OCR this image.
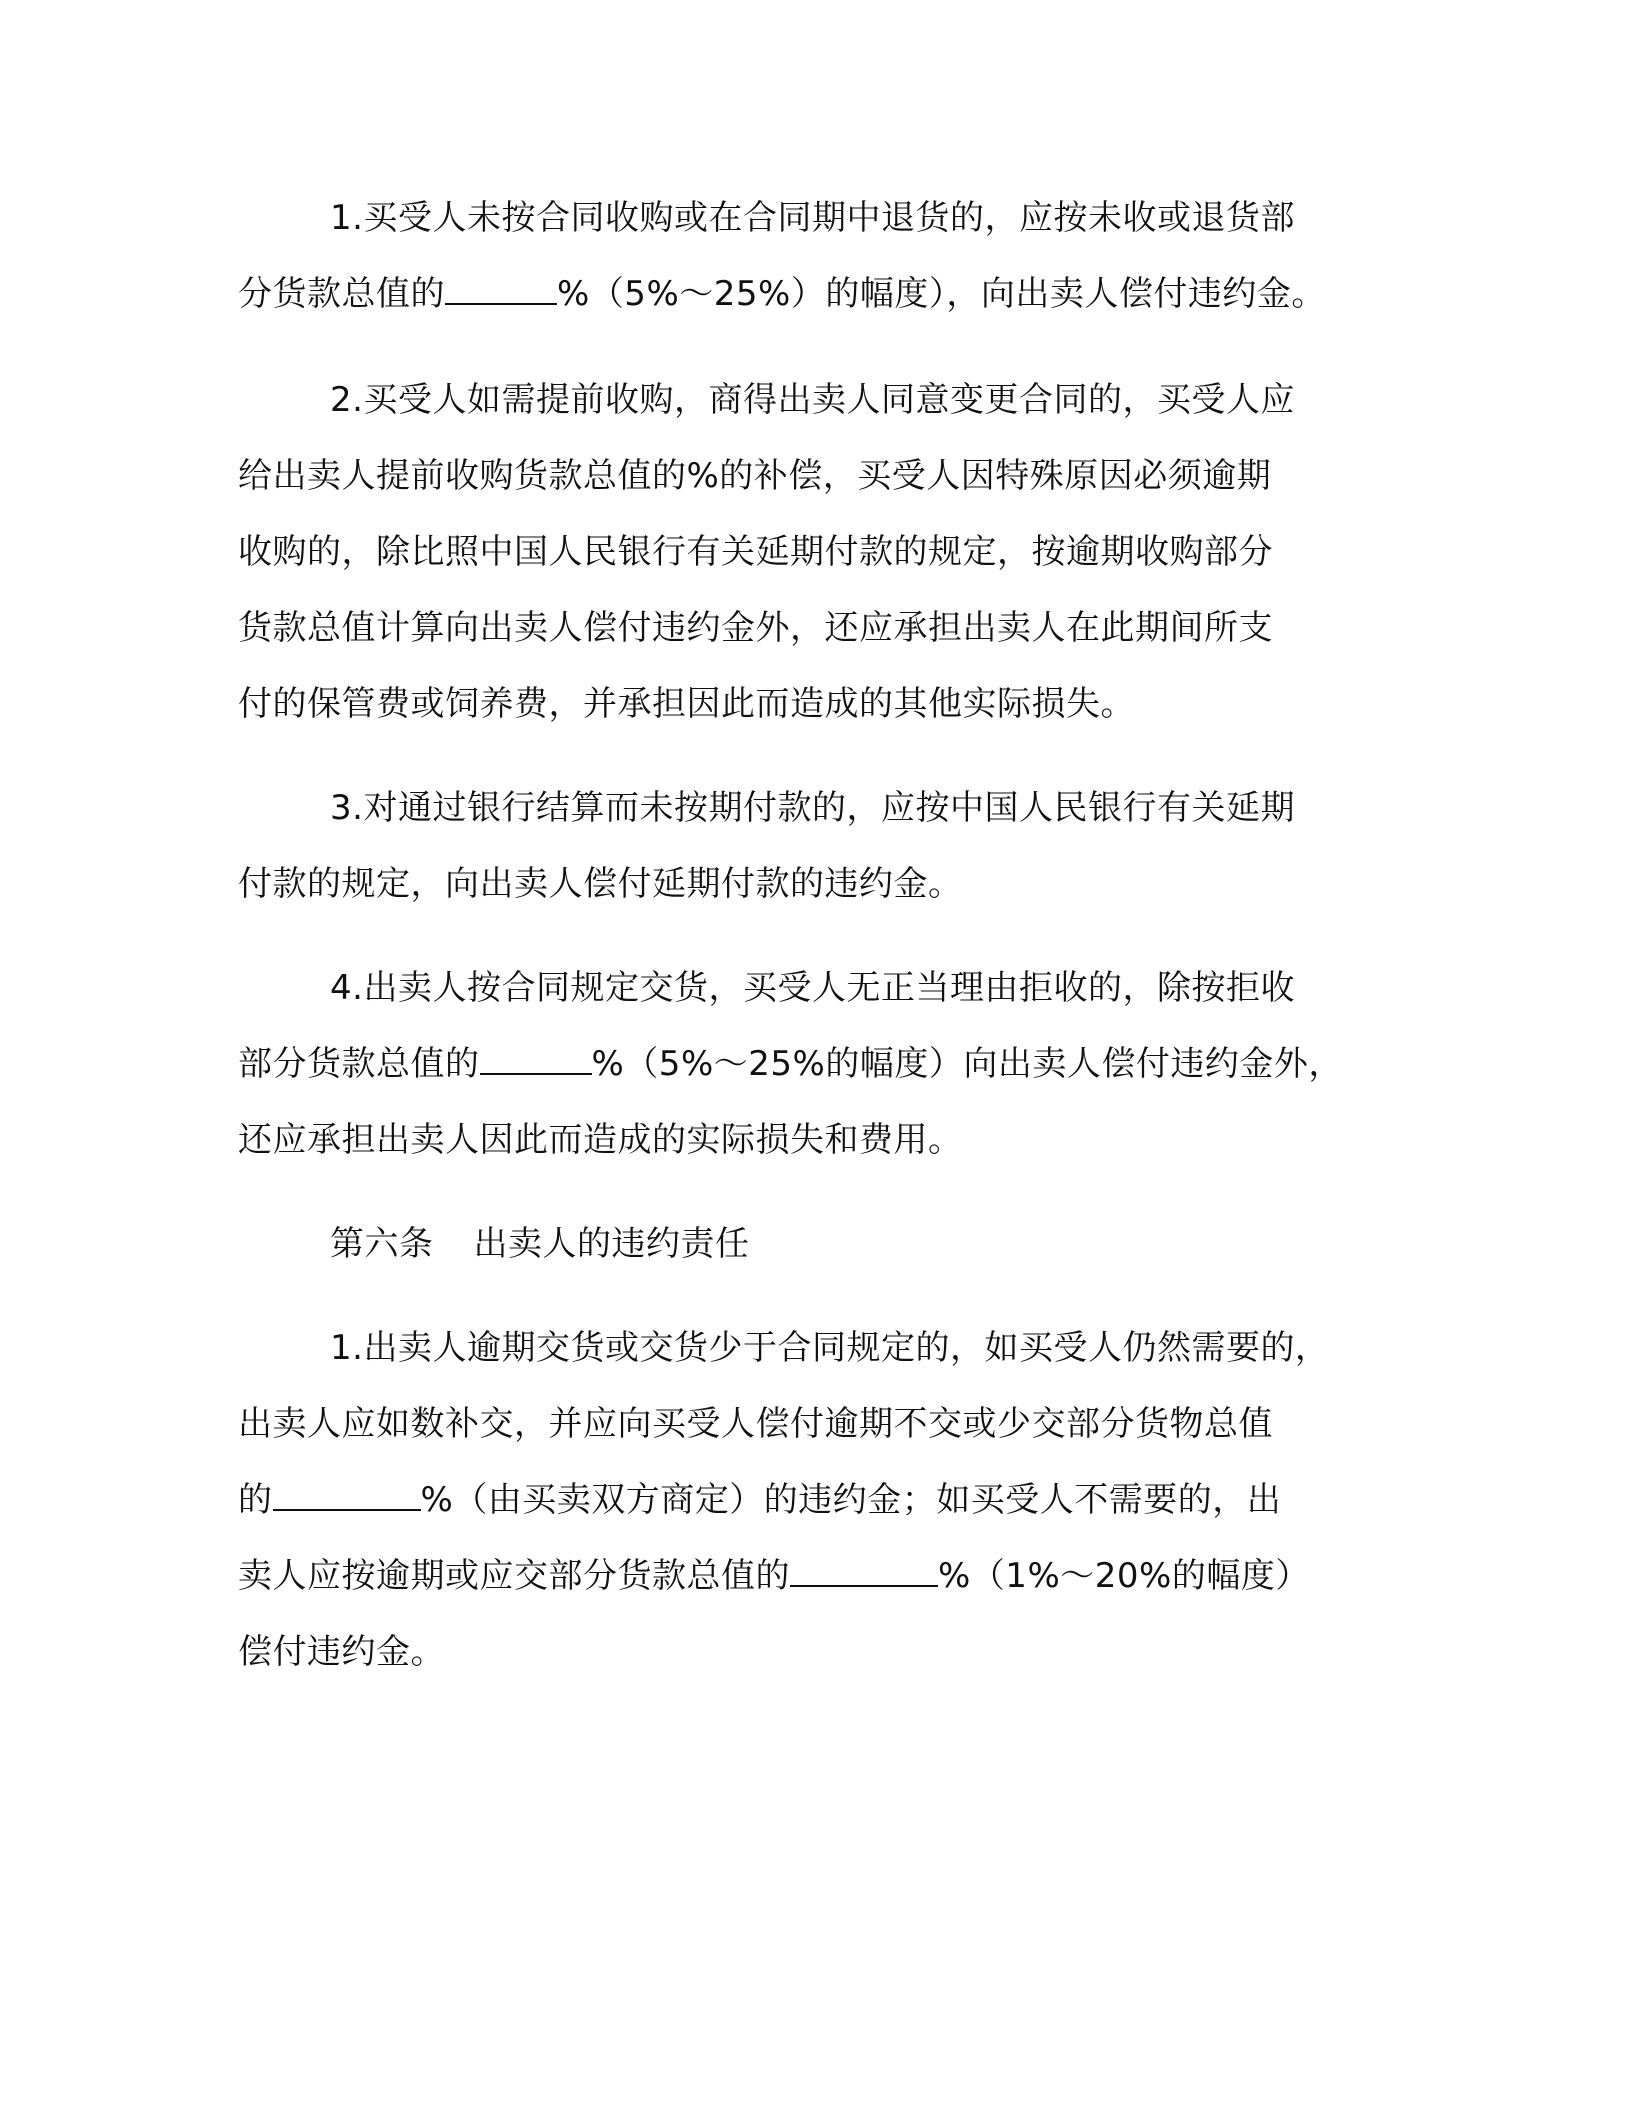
1.买受人未按合同收购或在合同期中退货的，应按未收或退货部

分货款总值的	%（5%～25%）的幅度），向出卖人偿付违约金。

2.买受人如需提前收购，商得出卖人同意变更合同的，买受人应

给出卖人提前收购货款总值的%的补偿，买受人因特殊原因必须逾期

收购的，除比照中国人民银行有关延期付款的规定，按逾期收购部分

货款总值计算向出卖人偿付违约金外，还应承担出卖人在此期间所支

付的保管费或饲养费，并承担因此而造成的其他实际损失。

3.对通过银行结算而未按期付款的，应按中国人民银行有关延期

付款的规定，向出卖人偿付延期付款的违约金。

4.出卖人按合同规定交货，买受人无正当理由拒收的，除按拒收

部分货款总值的	%（5%～25%的幅度）向出卖人偿付违约金外，

还应承担出卖人因此而造成的实际损失和费用。

第六条 出卖人的违约责任

1.出卖人逾期交货或交货少于合同规定的，如买受人仍然需要的，

出卖人应如数补交，并应向买受人偿付逾期不交或少交部分货物总值

的	%（由买卖双方商定）的违约金；如买受人不需要的，出

卖人应按逾期或应交部分货款总值的	%（1%～20%的幅度）

偿付违约金。
